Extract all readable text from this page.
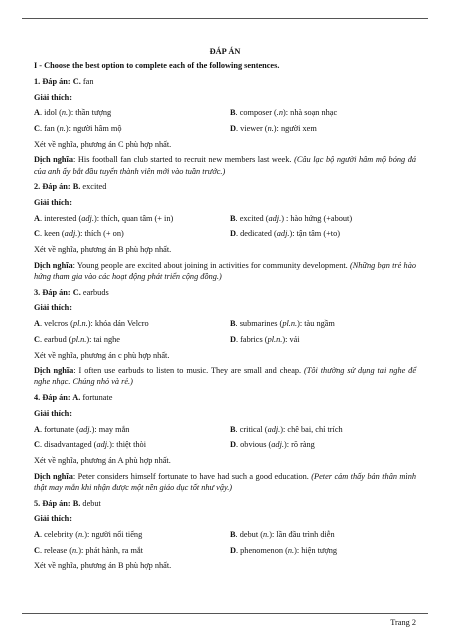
ĐÁP ÁN
I - Choose the best option to complete each of the following sentences.
1. Đáp án: C. fan
Giải thích:
A. idol (n.): thần tượng	B. composer (.n): nhà soạn nhạc
C. fan (n.): người hâm mộ	D. viewer (n.): người xem
Xét về nghĩa, phương án C phù hợp nhất.
Dịch nghĩa: His football fan club started to recruit new members last week. (Câu lạc bộ người hâm mộ bóng đá của anh ấy bắt đầu tuyển thành viên mới vào tuần trước.)
2. Đáp án: B. excited
Giải thích:
A. interested (adj.): thích, quan tâm (+ in)	B. excited (adj.) : hào hứng (+about)
C. keen (adj.): thích (+ on)	D. dedicated (adj.): tận tâm (+to)
Xét về nghĩa, phương án B phù hợp nhất.
Dịch nghĩa: Young people are excited about joining in activities for community development. (Những bạn trẻ hào hứng tham gia vào các hoạt động phát triển cộng đồng.)
3. Đáp án: C. earbuds
Giải thích:
A. velcros (pl.n.): khóa dán Velcro	B. submarines (pl.n.): tàu ngầm
C. earbud (pl.n.): tai nghe	D. fabrics (pl.n.): vải
Xét về nghĩa, phương án c phù hợp nhất.
Dịch nghĩa: I often use earbuds to listen to music. They are small and cheap. (Tôi thường sử dụng tai nghe để nghe nhạc. Chúng nhỏ và rẻ.)
4. Đáp án: A. fortunate
Giải thích:
A. fortunate (adj.): may mắn	B. critical (adj.): chê bai, chỉ trích
C. disadvantaged (adj.): thiệt thòi	D. obvious (adj.): rõ ràng
Xét về nghĩa, phương án A phù hợp nhất.
Dịch nghĩa: Peter considers himself fortunate to have had such a good education. (Peter cảm thấy bản thân mình thật may mắn khi nhận được một nền giáo dục tốt như vậy.)
5. Đáp án: B. debut
Giải thích:
A. celebrity (n.): người nổi tiếng	B. debut (n.): lần đầu trình diễn
C. release (n.): phát hành, ra mắt	D. phenomenon (n.): hiện tượng
Xét về nghĩa, phương án B phù hợp nhất.
Trang 2
